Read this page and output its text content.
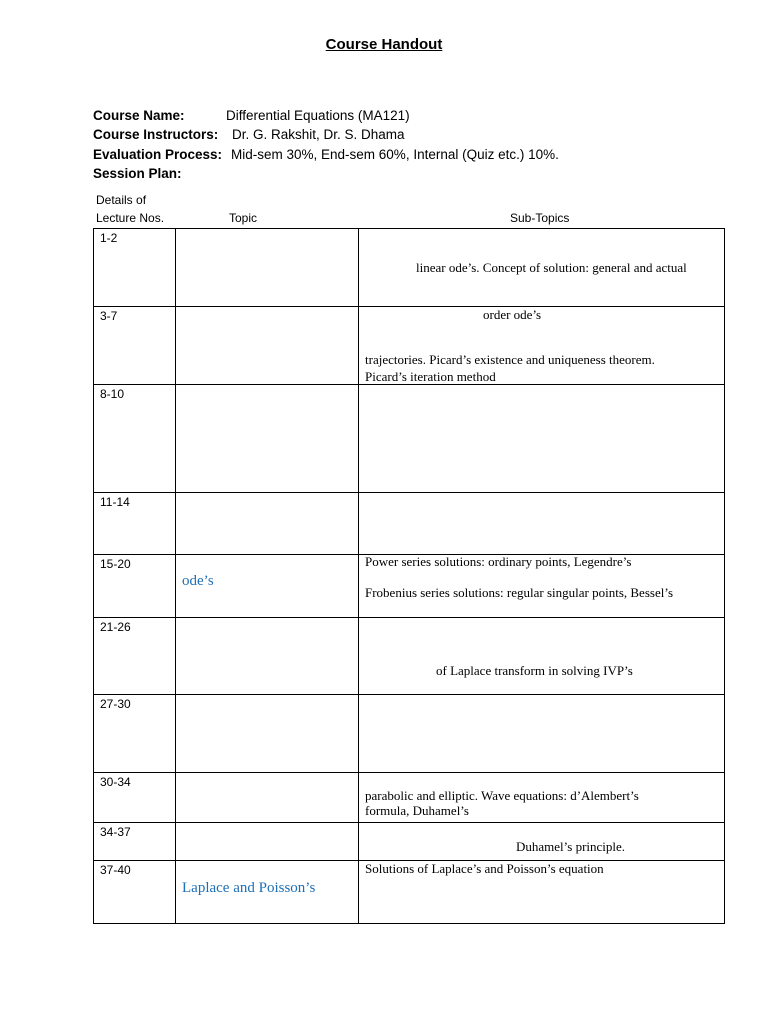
Course Handout
Course Name:	Differential Equations (MA121)
Course Instructors: Dr. G. Rakshit, Dr. S. Dhama
Evaluation Process: Mid-sem 30%, End-sem 60%, Internal (Quiz etc.) 10%.
Session Plan:
Details of
Lecture Nos.	Topic	Sub-Topics
1-2		linear ode’s. Concept of solution: general and actual

3-7		order ode’s
trajectories. Picard’s existence and uniqueness theorem.
Picard’s iteration method

8-10		

11-14		

15-20	ode’s	Power series solutions: ordinary points, Legendre’s
Frobenius series solutions: regular singular points, Bessel’s

21-26		of Laplace transform in solving IVP’s

27-30		

30-34		parabolic and elliptic. Wave equations: d’Alembert’s
formula, Duhamel’s

34-37		Duhamel’s principle.

37-40	Laplace and Poisson’s	Solutions of Laplace’s and Poisson’s equation
